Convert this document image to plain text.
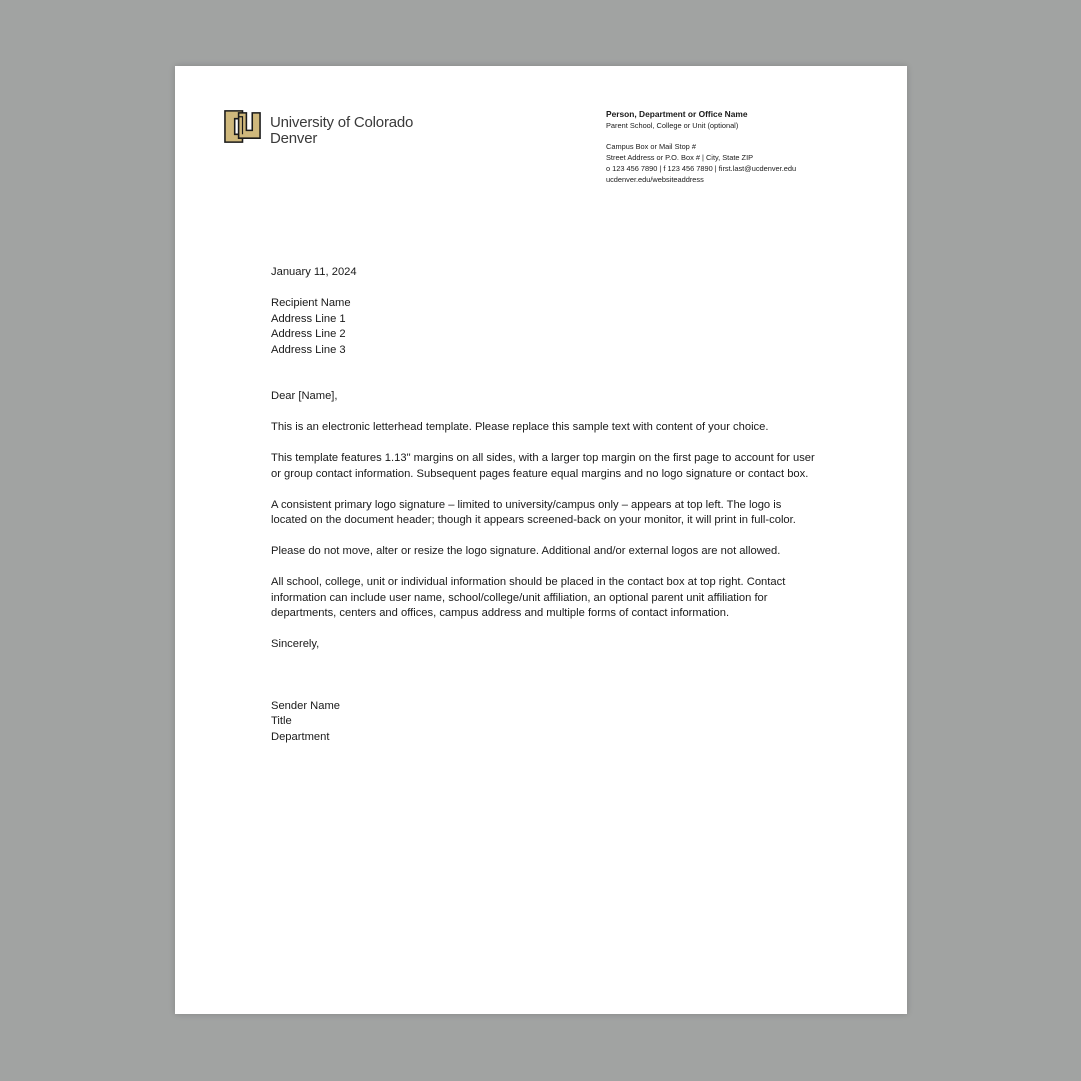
University of Colorado
Denver
Person, Department or Office Name
Parent School, College or Unit (optional)
Campus Box or Mail Stop #
Street Address or P.O. Box # | City, State ZIP
o 123 456 7890 | f 123 456 7890 | first.last@ucdenver.edu
ucdenver.edu/websiteaddress

January 11, 2024

Recipient Name
Address Line 1
Address Line 2
Address Line 3

Dear [Name],

This is an electronic letterhead template. Please replace this sample text with content of your choice.

This template features 1.13" margins on all sides, with a larger top margin on the first page to account for user or group contact information. Subsequent pages feature equal margins and no logo signature or contact box.

A consistent primary logo signature – limited to university/campus only – appears at top left. The logo is located on the document header; though it appears screened-back on your monitor, it will print in full-color.

Please do not move, alter or resize the logo signature. Additional and/or external logos are not allowed.

All school, college, unit or individual information should be placed in the contact box at top right. Contact information can include user name, school/college/unit affiliation, an optional parent unit affiliation for departments, centers and offices, campus address and multiple forms of contact information.

Sincerely,

Sender Name
Title
Department
